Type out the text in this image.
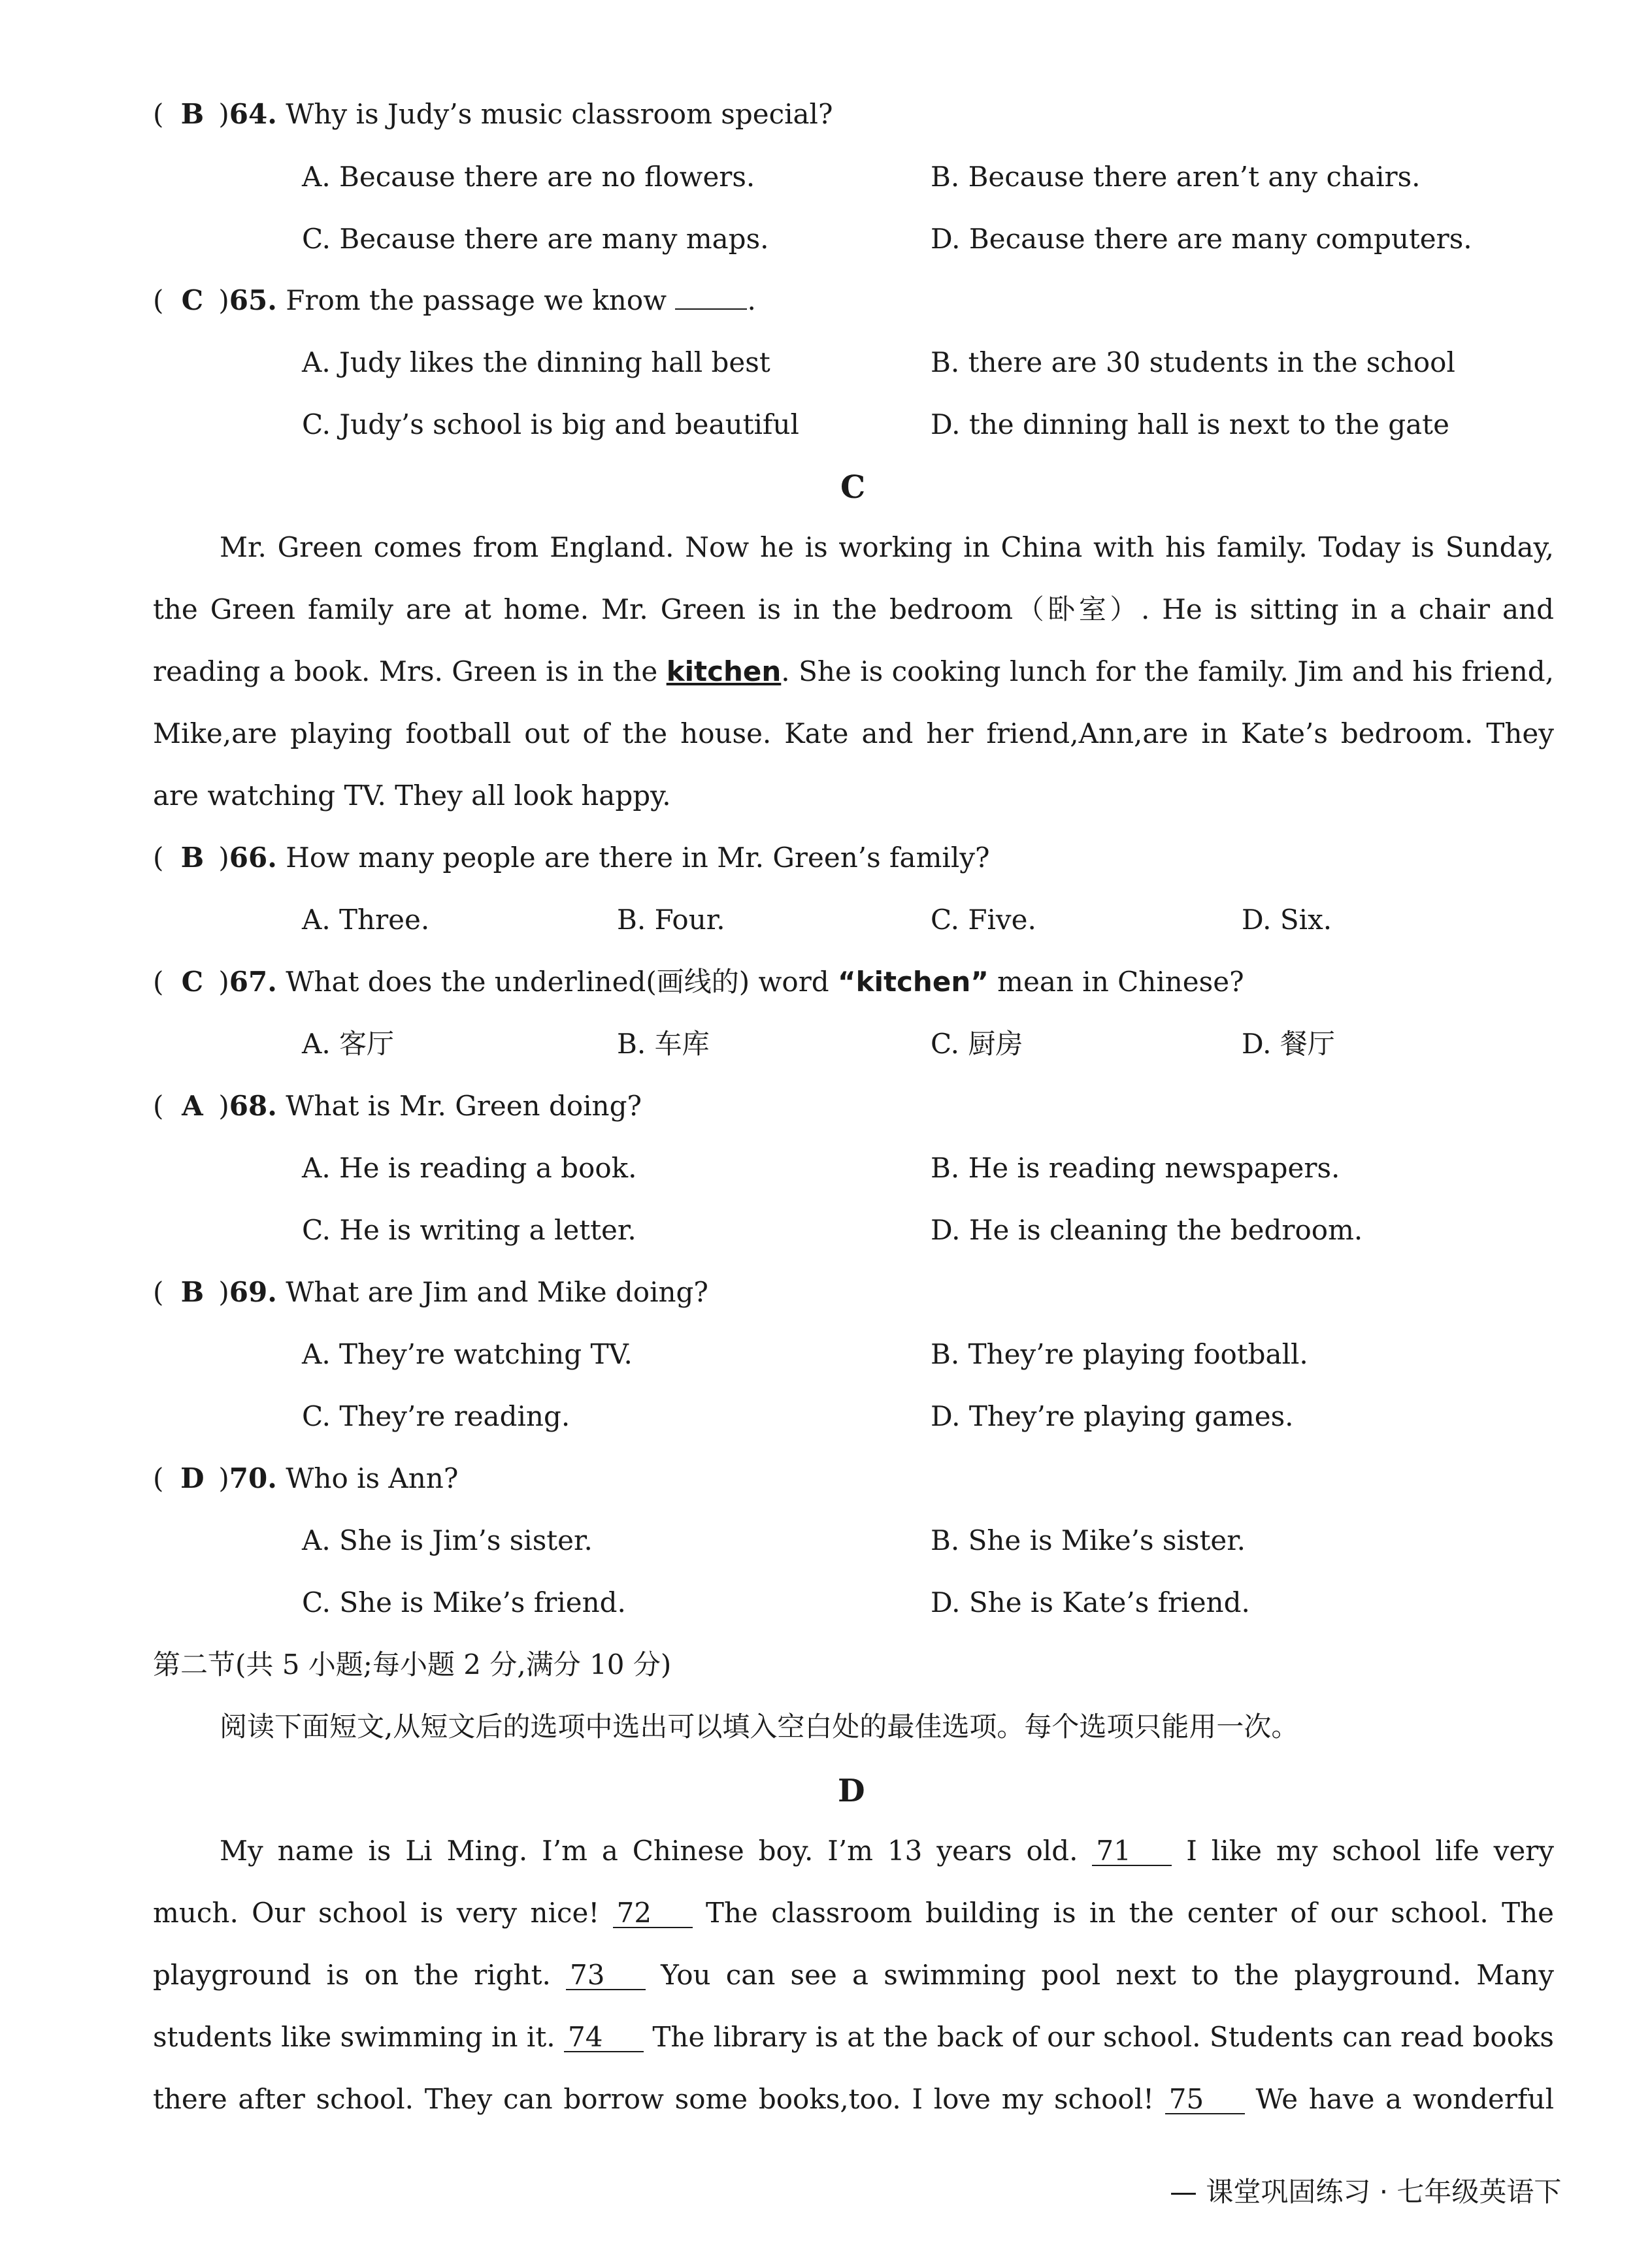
( B )64. Why is Judy’s music classroom special?
A. Because there are no flowers.	B. Because there aren’t any chairs.
C. Because there are many maps.	D. Because there are many computers.
( C )65. From the passage we know	.
A. Judy likes the dinning hall best	B. there are 30 students in the school
C. Judy’s school is big and beautiful	D. the dinning hall is next to the gate
C
Mr. Green comes from England. Now he is working in China with his family. Today is Sunday,
the Green family are at home. Mr. Green is in the bedroom（卧室）. He is sitting in a chair and
reading a book. Mrs. Green is in the kitchen. She is cooking lunch for the family. Jim and his friend,
Mike,are playing football out of the house. Kate and her friend,Ann,are in Kate’s bedroom. They
are watching TV. They all look happy.
( B )66. How many people are there in Mr. Green’s family?
A. Three.	B. Four.	C. Five.	D. Six.
( C )67. What does the underlined(画线的) word “kitchen” mean in Chinese?
A. 客厅	B. 车库	C. 厨房	D. 餐厅
( A )68. What is Mr. Green doing?
A. He is reading a book.	B. He is reading newspapers.
C. He is writing a letter.	D. He is cleaning the bedroom.
( B )69. What are Jim and Mike doing?
A. They’re watching TV.	B. They’re playing football.
C. They’re reading.	D. They’re playing games.
( D )70. Who is Ann?
A. She is Jim’s sister.	B. She is Mike’s sister.
C. She is Mike’s friend.	D. She is Kate’s friend.
第二节(共 5 小题;每小题 2 分,满分 10 分)
阅读下面短文,从短文后的选项中选出可以填入空白处的最佳选项。每个选项只能用一次。
D
My name is Li Ming. I’m a Chinese boy. I’m 13 years old. 71 I like my school life very
much. Our school is very nice! 72 The classroom building is in the center of our school. The
playground is on the right. 73 You can see a swimming pool next to the playground. Many
students like swimming in it. 74 The library is at the back of our school. Students can read books
there after school. They can borrow some books,too. I love my school! 75 We have a wonderful
— 课堂巩固练习 · 七年级英语下
